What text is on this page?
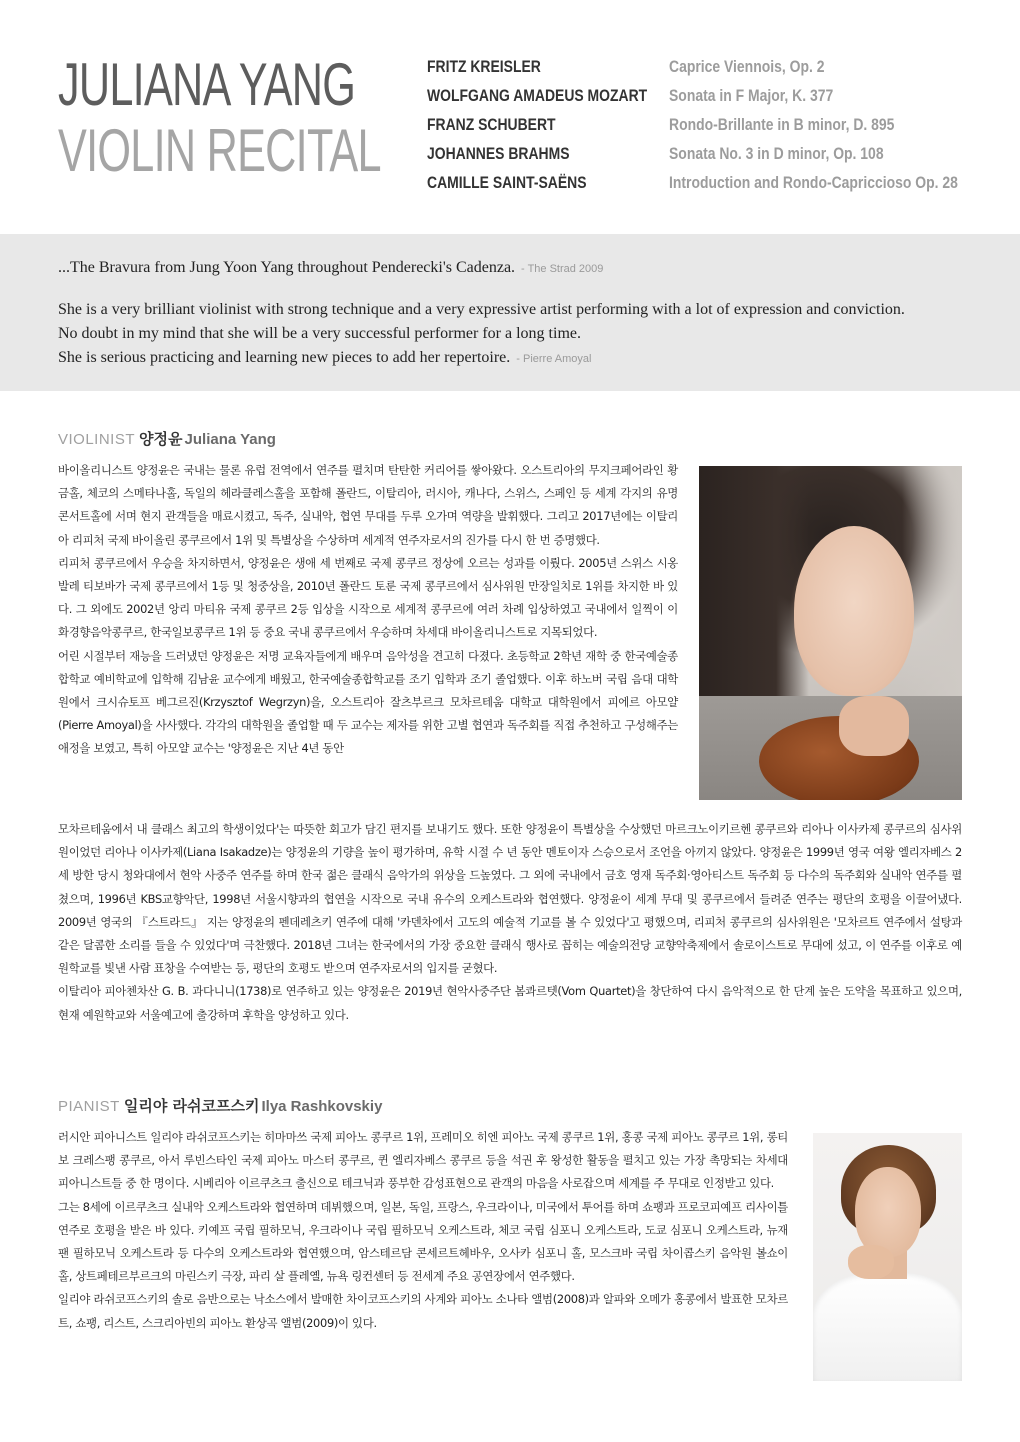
JULIANA YANG
VIOLIN RECITAL
FRITZ KREISLER	Caprice Viennois, Op. 2
WOLFGANG AMADEUS MOZART Sonata in F Major, K. 377
FRANZ SCHUBERT	Rondo-Brillante in B minor, D. 895
JOHANNES BRAHMS	Sonata No. 3 in D minor, Op. 108
CAMILLE SAINT-SAËNS	Introduction and Rondo-Capriccioso Op. 28
...The Bravura from Jung Yoon Yang throughout Penderecki's Cadenza. - The Strad 2009
She is a very brilliant violinist with strong technique and a very expressive artist performing with a lot of expression and conviction.
No doubt in my mind that she will be a very successful performer for a long time.
She is serious practicing and learning new pieces to add her repertoire. - Pierre Amoyal
VIOLINIST 양정윤 Juliana Yang

바이올리니스트 양정윤은 국내는 물론 유럽 전역에서 연주를 펼치며 탄탄한 커리어를 쌓아왔다. 오스트리아의 무지크페어라인 황금홀, 체코의 스메타나홀, 독일의 헤라클레스홀을 포함해 폴란드, 이탈리아, 러시아, 캐나다, 스위스, 스페인 등 세계 각지의 유명 콘서트홀에 서며 현지 관객들을 매료시켰고, 독주, 실내악, 협연 무대를 두루 오가며 역량을 발휘했다. 그리고 2017년에는 이탈리아 리피처 국제 바이올린 콩쿠르에서 1위 및 특별상을 수상하며 세계적 연주자로서의 진가를 다시 한 번 증명했다.

리피처 콩쿠르에서 우승을 차지하면서, 양정윤은 생애 세 번째로 국제 콩쿠르 정상에 오르는 성과를 이뤘다. 2005년 스위스 시옹발레 티보바가 국제 콩쿠르에서 1등 및 청중상을, 2010년 폴란드 토룬 국제 콩쿠르에서 심사위원 만장일치로 1위를 차지한 바 있다. 그 외에도 2002년 앙리 마티유 국제 콩쿠르 2등 입상을 시작으로 세계적 콩쿠르에 여러 차례 입상하였고 국내에서 일찍이 이화경향음악콩쿠르, 한국일보콩쿠르 1위 등 중요 국내 콩쿠르에서 우승하며 차세대 바이올리니스트로 지목되었다.

어린 시절부터 재능을 드러냈던 양정윤은 저명 교육자들에게 배우며 음악성을 견고히 다졌다. 초등학교 2학년 재학 중 한국예술종합학교 예비학교에 입학해 김남윤 교수에게 배웠고, 한국예술종합학교를 조기 입학과 조기 졸업했다. 이후 하노버 국립 음대 대학원에서 크시슈토프 베그르진(Krzysztof Wegrzyn)을, 오스트리아 잘츠부르크 모차르테움 대학교 대학원에서 피에르 아모얄(Pierre Amoyal)을 사사했다. 각각의 대학원을 졸업할 때 두 교수는 제자를 위한 고별 협연과 독주회를 직접 추천하고 구성해주는 애정을 보였고, 특히 아모얄 교수는 '양정윤은 지난 4년 동안

모차르테움에서 내 클래스 최고의 학생이었다'는 따뜻한 회고가 담긴 편지를 보내기도 했다. 또한 양정윤이 특별상을 수상했던 마르크노이키르헨 콩쿠르와 리아나 이사카제 콩쿠르의 심사위원이었던 리아나 이사카제(Liana Isakadze)는 양정윤의 기량을 높이 평가하며, 유학 시절 수 년 동안 멘토이자 스승으로서 조언을 아끼지 않았다. 양정윤은 1999년 영국 여왕 엘리자베스 2세 방한 당시 청와대에서 현악 사중주 연주를 하며 한국 젊은 클래식 음악가의 위상을 드높였다. 그 외에 국내에서 금호 영재 독주회·영아티스트 독주회 등 다수의 독주회와 실내악 연주를 펼쳤으며, 1996년 KBS교향악단, 1998년 서울시향과의 협연을 시작으로 국내 유수의 오케스트라와 협연했다. 양정윤이 세계 무대 및 콩쿠르에서 들려준 연주는 평단의 호평을 이끌어냈다. 2009년 영국의 『스트라드』 지는 양정윤의 펜데레츠키 연주에 대해 '카덴차에서 고도의 예술적 기교를 볼 수 있었다'고 평했으며, 리피처 콩쿠르의 심사위원은 '모차르트 연주에서 설탕과 같은 달콤한 소리를 들을 수 있었다'며 극찬했다. 2018년 그녀는 한국에서의 가장 중요한 클래식 행사로 꼽히는 예술의전당 교향악축제에서 솔로이스트로 무대에 섰고, 이 연주를 이후로 예원학교를 빛낸 사람 표창을 수여받는 등, 평단의 호평도 받으며 연주자로서의 입지를 굳혔다.

이탈리아 피아첸차산 G. B. 과다니니(1738)로 연주하고 있는 양정윤은 2019년 현악사중주단 봄콰르텟(Vom Quartet)을 창단하여 다시 음악적으로 한 단계 높은 도약을 목표하고 있으며, 현재 예원학교와 서울예고에 출강하며 후학을 양성하고 있다.

PIANIST 일리야 라쉬코프스키 Ilya Rashkovskiy

러시안 피아니스트 일리야 라쉬코프스키는 히마마쓰 국제 피아노 콩쿠르 1위, 프레미오 히엔 피아노 국제 콩쿠르 1위, 홍콩 국제 피아노 콩쿠르 1위, 롱티보 크레스팽 콩쿠르, 아서 루빈스타인 국제 피아노 마스터 콩쿠르, 퀸 엘리자베스 콩쿠르 등을 석권 후 왕성한 활동을 펼치고 있는 가장 촉망되는 차세대 피아니스트들 중 한 명이다. 시베리아 이르쿠츠크 출신으로 테크닉과 풍부한 감성표현으로 관객의 마음을 사로잡으며 세계를 주 무대로 인정받고 있다.

그는 8세에 이르쿠츠크 실내악 오케스트라와 협연하며 데뷔했으며, 일본, 독일, 프랑스, 우크라이나, 미국에서 투어를 하며 쇼팽과 프로코피예프 리사이틀 연주로 호평을 받은 바 있다. 키예프 국립 필하모닉, 우크라이나 국립 필하모닉 오케스트라, 체코 국립 심포니 오케스트라, 도쿄 심포니 오케스트라, 뉴재팬 필하모닉 오케스트라 등 다수의 오케스트라와 협연했으며, 암스테르담 콘세르트헤바우, 오사카 심포니 홀, 모스크바 국립 차이콥스키 음악원 볼쇼이 홀, 상트페테르부르크의 마린스키 극장, 파리 살 플레옐, 뉴욕 링컨센터 등 전세계 주요 공연장에서 연주했다.

일리야 라쉬코프스키의 솔로 음반으로는 낙소스에서 발매한 차이코프스키의 사계와 피아노 소나타 앨범(2008)과 알파와 오메가 홍콩에서 발표한 모차르트, 쇼팽, 리스트, 스크리아빈의 피아노 환상곡 앨범(2009)이 있다.
